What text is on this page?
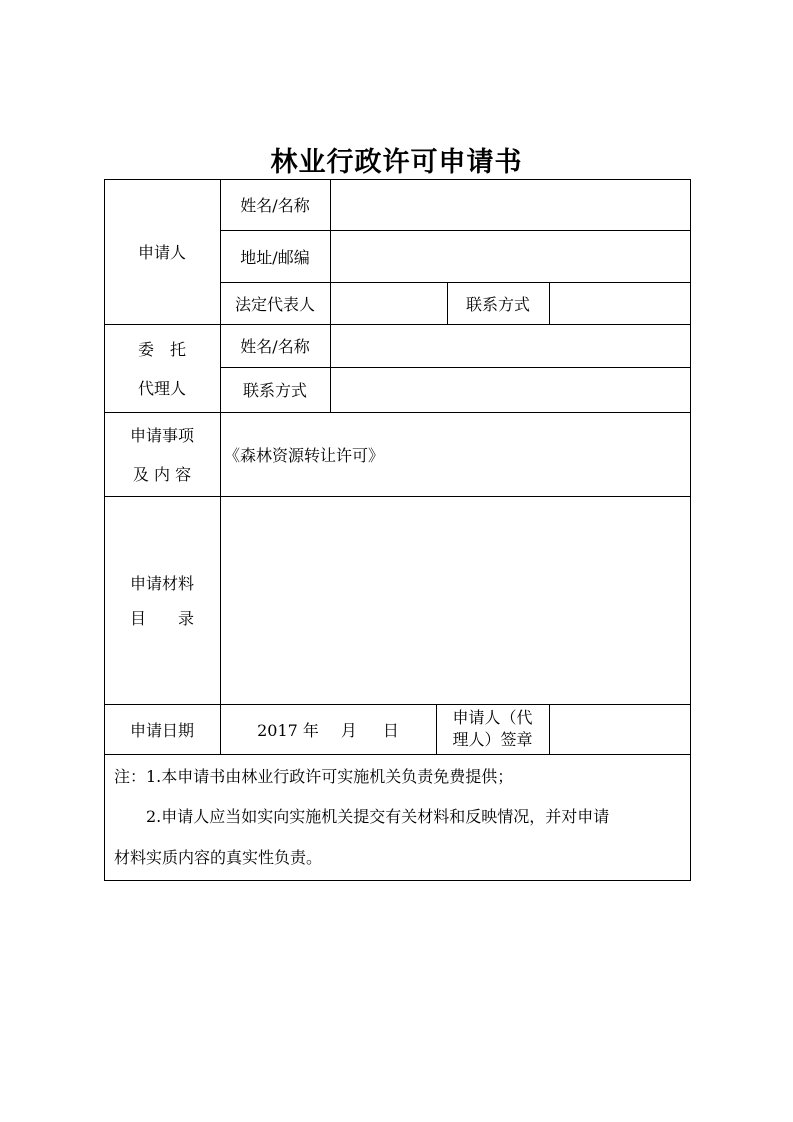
林业行政许可申请书
申请人
姓名/名称
地址/邮编
法定代表人	联系方式
委　托
代理人
姓名/名称
联系方式
申请事项
及 内 容
《森林资源转让许可》
申请材料
目　　录
申请日期	2017 年 月 日
申请人（代
理人）签章
注：1.本申请书由林业行政许可实施机关负责免费提供；
2.申请人应当如实向实施机关提交有关材料和反映情况，并对申请
材料实质内容的真实性负责。
